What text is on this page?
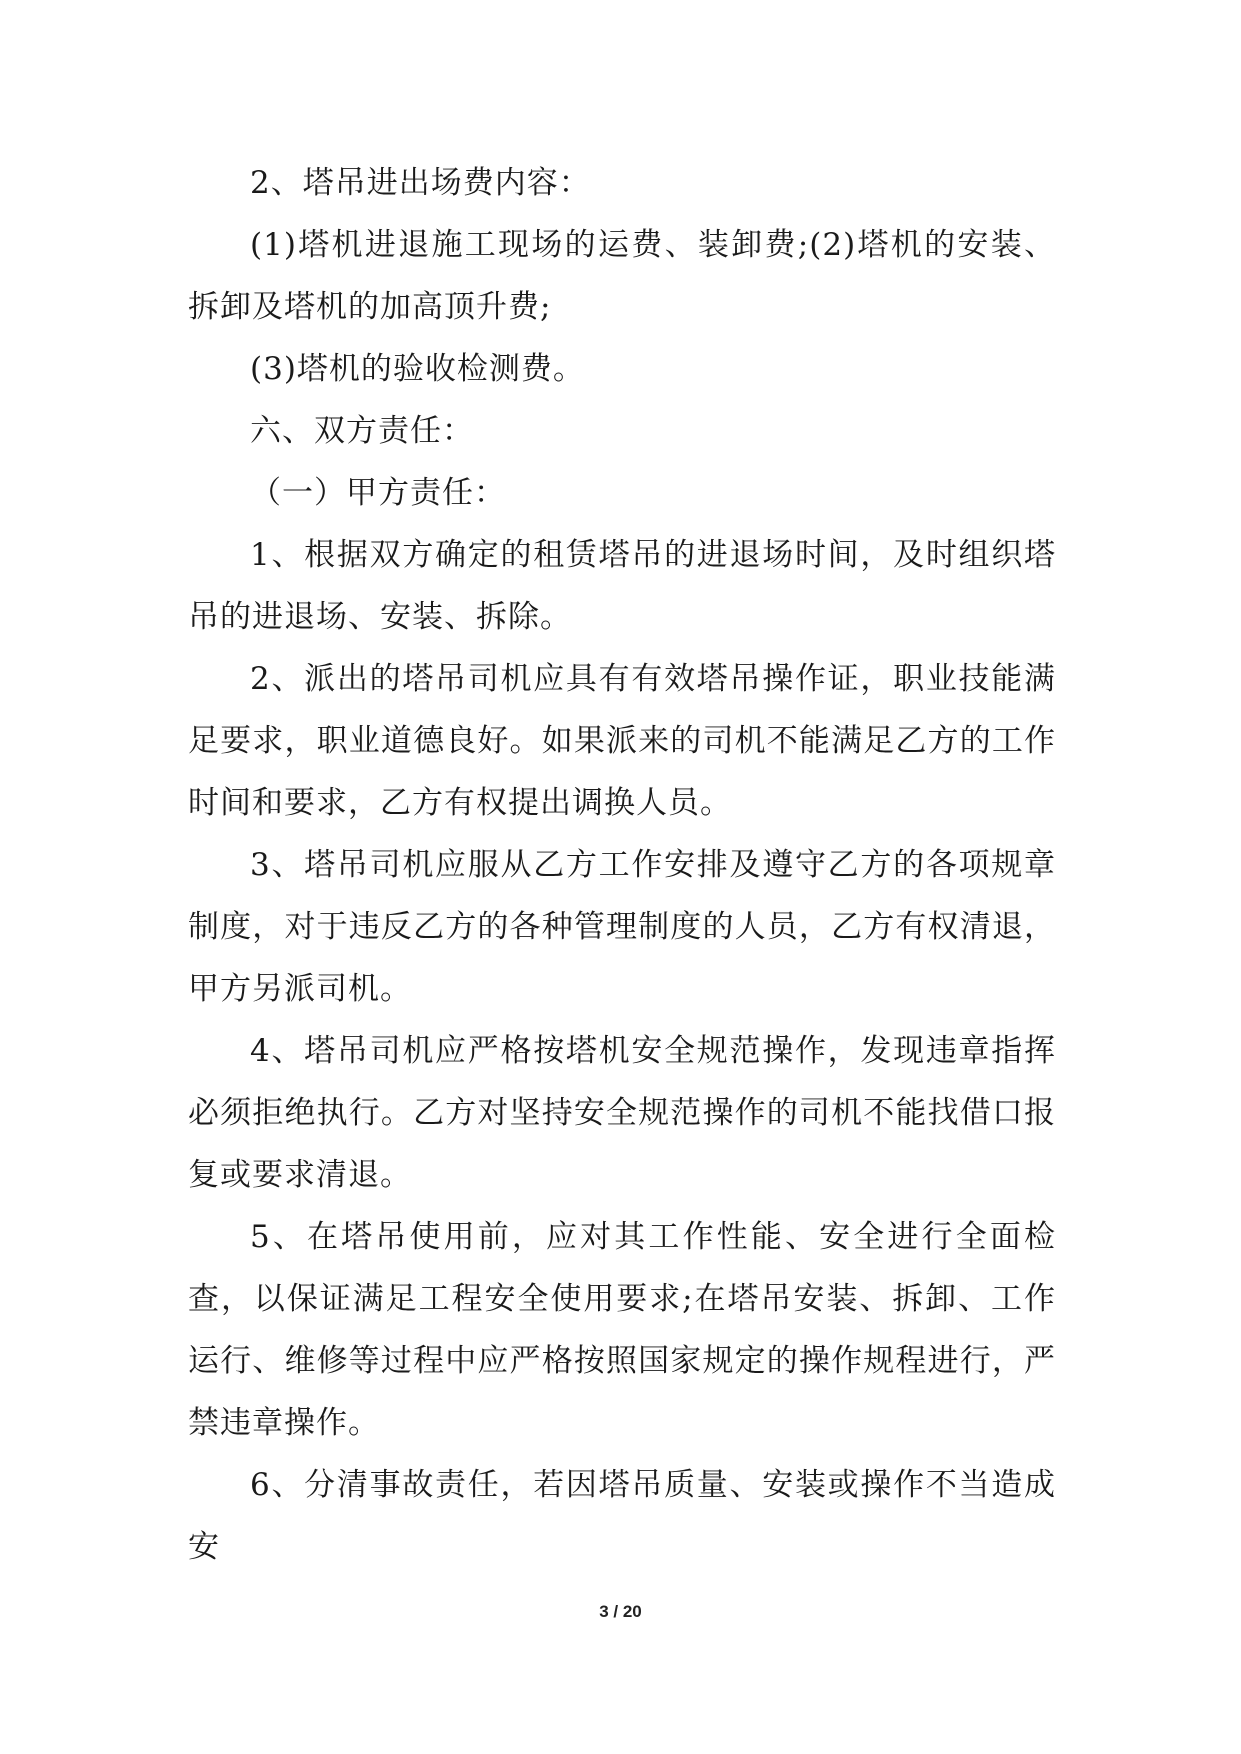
2、塔吊进出场费内容：

(1)塔机进退施工现场的运费、装卸费;(2)塔机的安装、拆卸及塔机的加高顶升费;

(3)塔机的验收检测费。

六、双方责任：

（一）甲方责任：

1、根据双方确定的租赁塔吊的进退场时间，及时组织塔吊的进退场、安装、拆除。

2、派出的塔吊司机应具有有效塔吊操作证，职业技能满足要求，职业道德良好。如果派来的司机不能满足乙方的工作时间和要求，乙方有权提出调换人员。

3、塔吊司机应服从乙方工作安排及遵守乙方的各项规章制度，对于违反乙方的各种管理制度的人员，乙方有权清退，甲方另派司机。

4、塔吊司机应严格按塔机安全规范操作，发现违章指挥必须拒绝执行。乙方对坚持安全规范操作的司机不能找借口报复或要求清退。

5、在塔吊使用前，应对其工作性能、安全进行全面检查，以保证满足工程安全使用要求;在塔吊安装、拆卸、工作运行、维修等过程中应严格按照国家规定的操作规程进行，严禁违章操作。

6、分清事故责任，若因塔吊质量、安装或操作不当造成安

3 / 20
